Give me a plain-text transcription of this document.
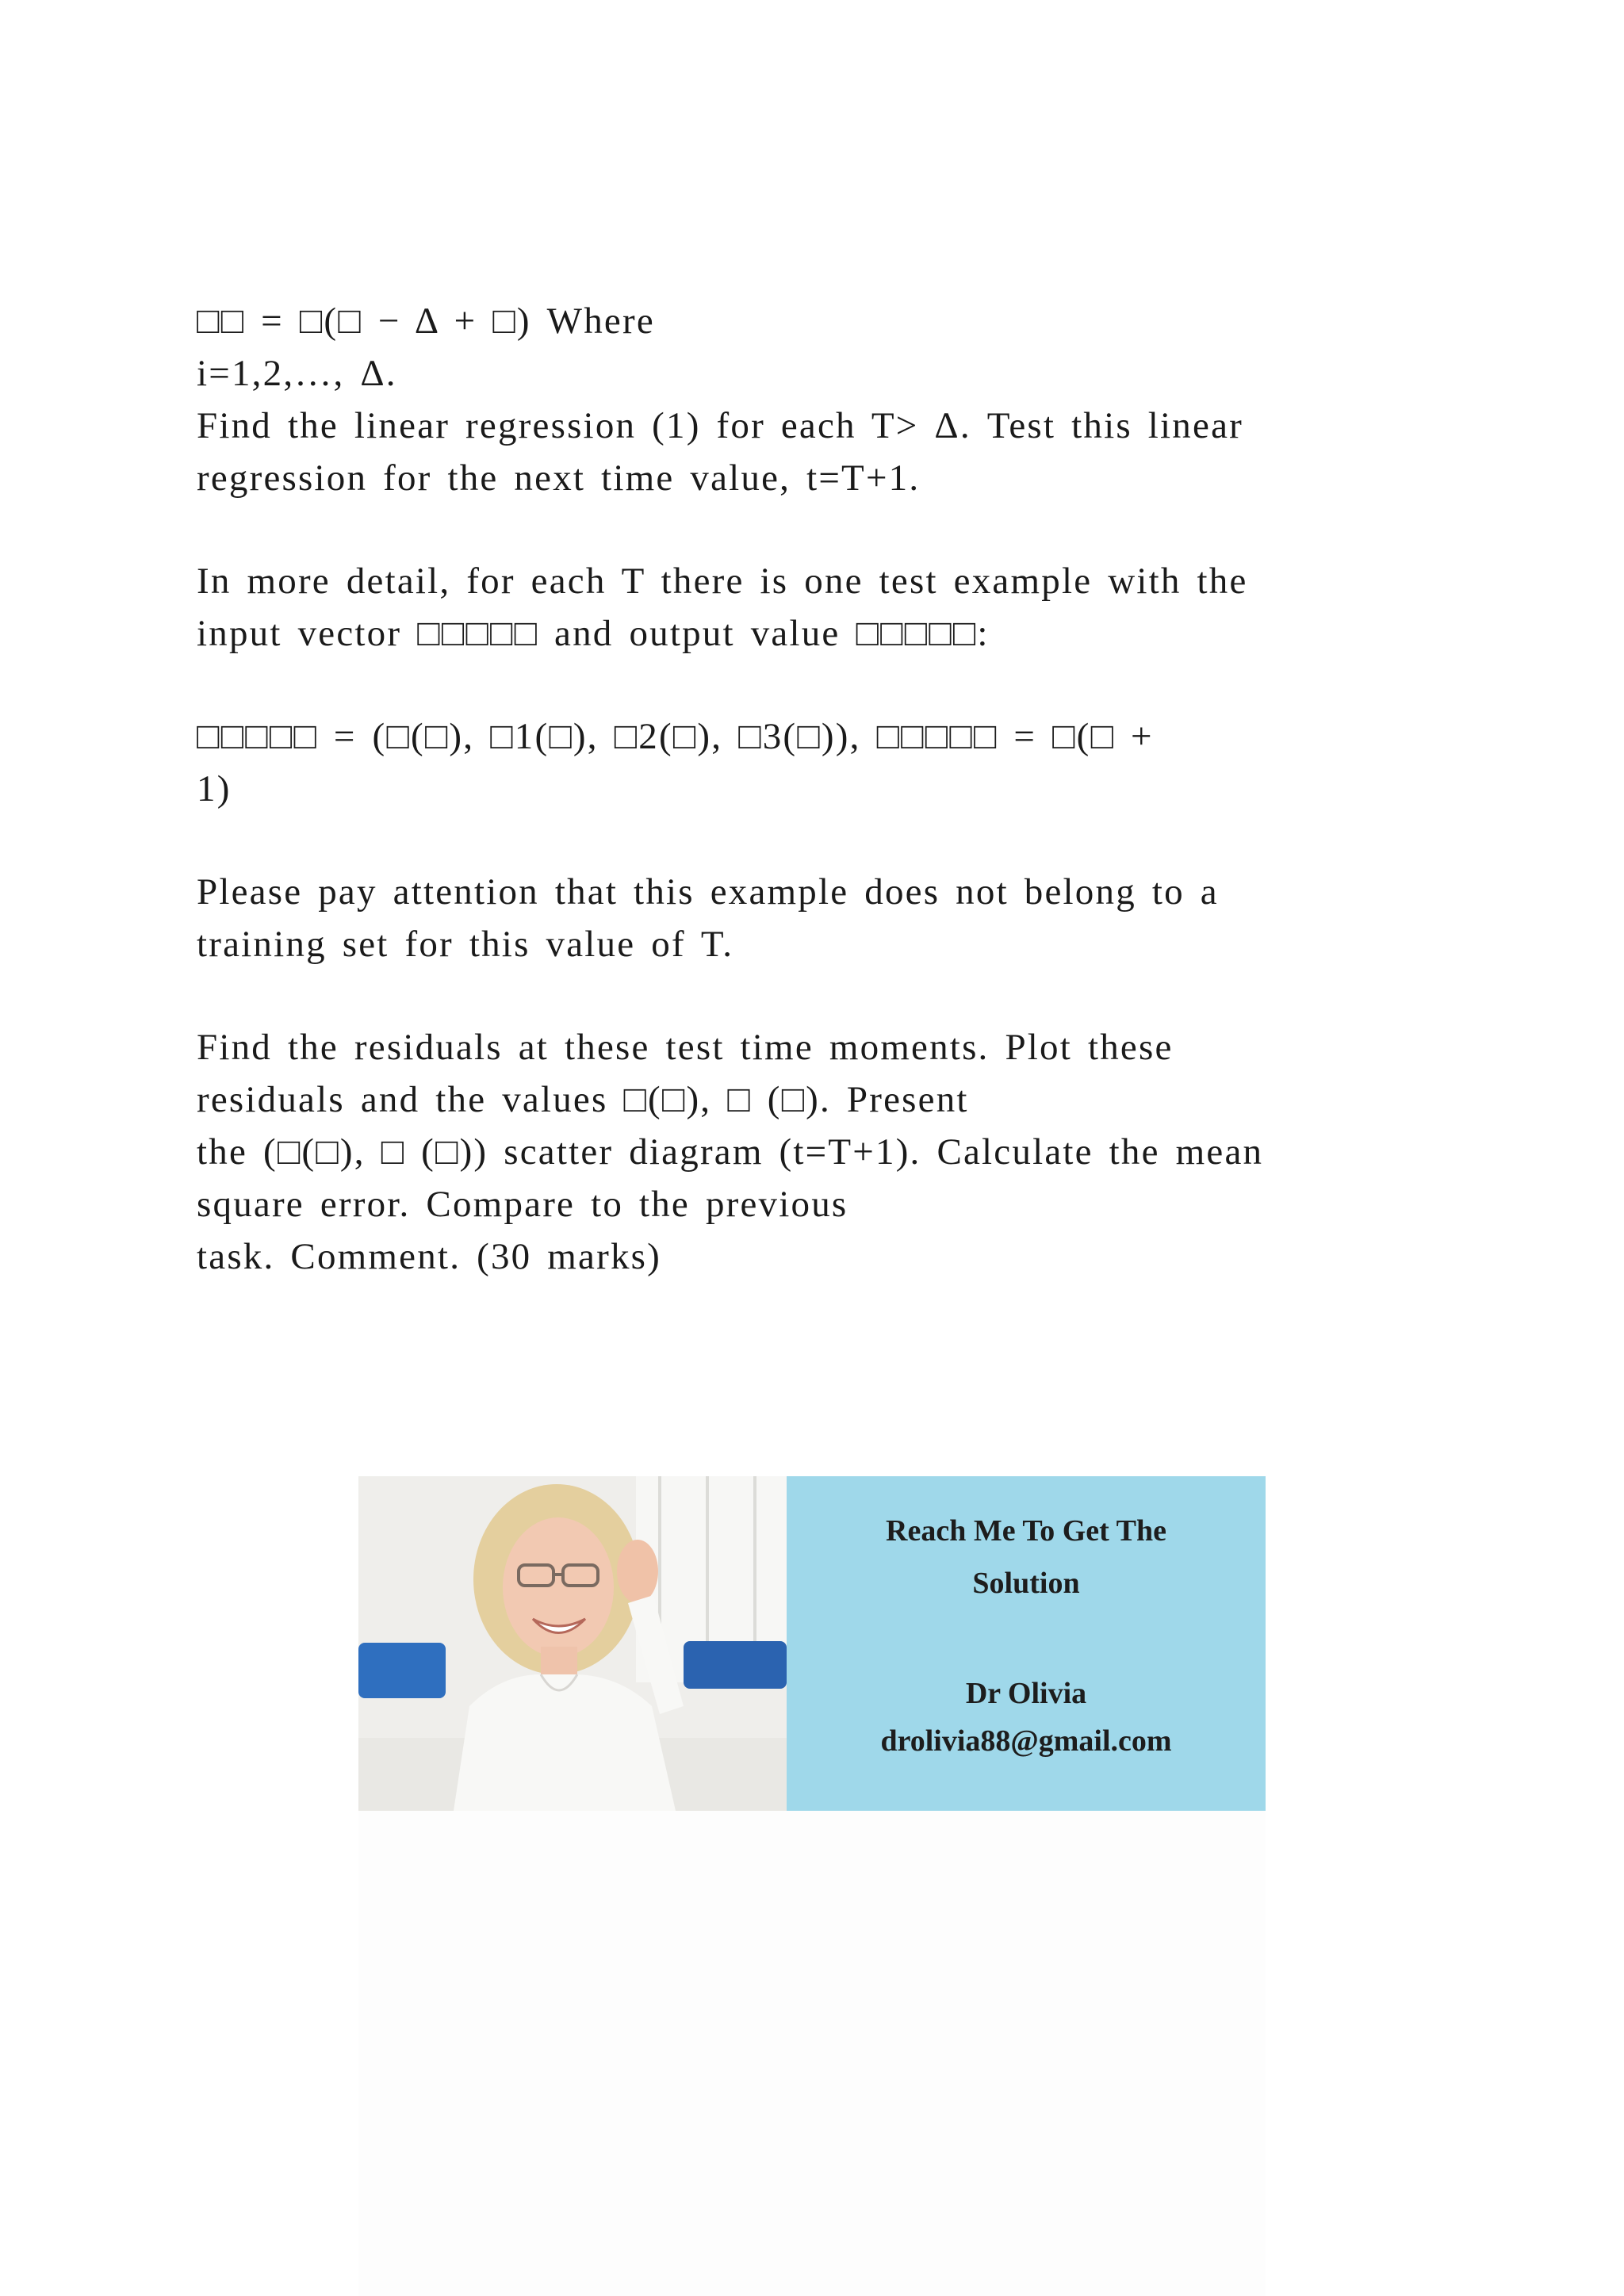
□□ = □(□ − Δ + □) Where
i=1,2,…, Δ.
Find the linear regression (1) for each T> Δ. Test this linear
regression for the next time value, t=T+1.
In more detail, for each T there is one test example with the
input vector □□□□□ and output value □□□□□:
□□□□□ = (□(□), □1(□), □2(□), □3(□)), □□□□□ = □(□ +
1)
Please pay attention that this example does not belong to a
training set for this value of T.
Find the residuals at these test time moments. Plot these
residuals and the values □(□), □ (□). Present
the (□(□), □ (□)) scatter diagram (t=T+1). Calculate the mean
square error. Compare to the previous
task. Comment. (30 marks)
Reach Me To Get The
Solution
Dr Olivia
drolivia88@gmail.com
